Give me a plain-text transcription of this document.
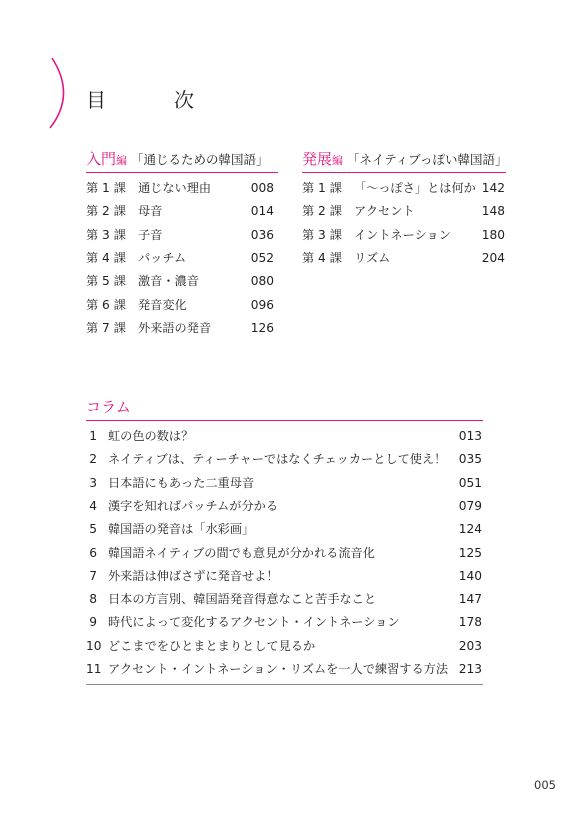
目　次
入門編 「通じるための韓国語」
第 1 課 通じない理由	008
第 2 課 母音	014
第 3 課 子音	036
第 4 課 パッチム	052
第 5 課 激音・濃音	080
第 6 課 発音変化	096
第 7 課 外来語の発音	126
発展編 「ネイティブっぽい韓国語」
第 1 課 「〜っぽさ」とは何か 142
第 2 課 アクセント	148
第 3 課 イントネーション	180
第 4 課 リズム	204
コラム
1 虹の色の数は？	013
2 ネイティブは、ティーチャーではなくチェッカーとして使え！ 035
3 日本語にもあった二重母音	051
4 漢字を知ればパッチムが分かる	079
5 韓国語の発音は「水彩画」	124
6 韓国語ネイティブの間でも意見が分かれる流音化	125
7 外来語は伸ばさずに発音せよ！	140
8 日本の方言別、韓国語発音得意なこと苦手なこと	147
9 時代によって変化するアクセント・イントネーション	178
10 どこまでをひとまとまりとして見るか	203
11 アクセント・イントネーション・リズムを一人で練習する方法 213
005
